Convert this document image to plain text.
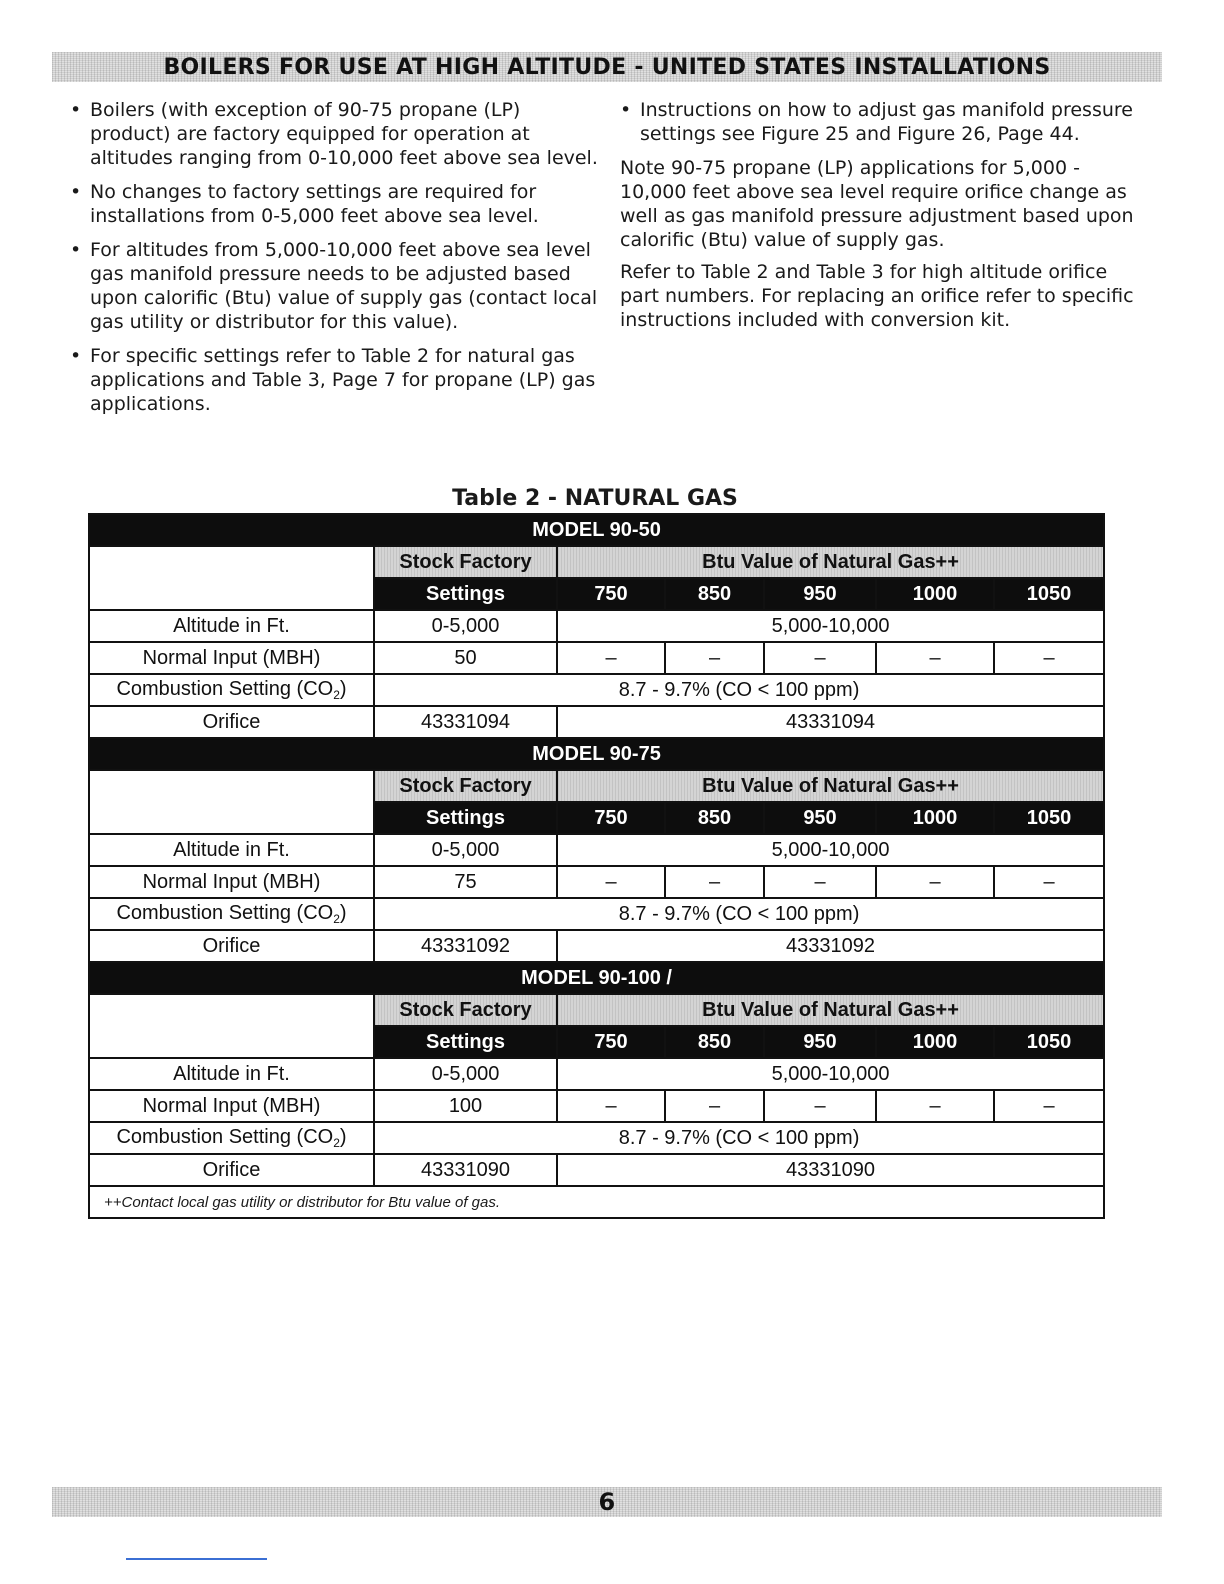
BOILERS FOR USE AT HIGH ALTITUDE - UNITED STATES INSTALLATIONS
• Boilers (with exception of 90-75 propane (LP) product) are factory equipped for operation at altitudes ranging from 0-10,000 feet above sea level.
• No changes to factory settings are required for installations from 0-5,000 feet above sea level.
• For altitudes from 5,000-10,000 feet above sea level gas manifold pressure needs to be adjusted based upon calorific (Btu) value of supply gas (contact local gas utility or distributor for this value).
• For specific settings refer to Table 2 for natural gas applications and Table 3, Page 7 for propane (LP) gas applications.
• Instructions on how to adjust gas manifold pressure settings see Figure 25 and Figure 26, Page 44.

Note 90-75 propane (LP) applications for 5,000 - 10,000 feet above sea level require orifice change as well as gas manifold pressure adjustment based upon calorific (Btu) value of supply gas.

Refer to Table 2 and Table 3 for high altitude orifice part numbers. For replacing an orifice refer to specific instructions included with conversion kit.

Table 2 - NATURAL GAS
MODEL 90-50						
	Stock Factory	Btu Value of Natural Gas++				
	Settings	750	850	950	1000	1050
Altitude in Ft.	0-5,000	5,000-10,000				
Normal Input (MBH)	50	–	–	–	–	–
Combustion Setting $(CO_2)$	8.7 - 9.7% (CO < 100 ppm)					
Orifice	43331094	43331094				
MODEL 90-75						
	Stock Factory	Btu Value of Natural Gas++				
	Settings	750	850	950	1000	1050
Altitude in Ft.	0-5,000	5,000-10,000				
Normal Input (MBH)	75	–	–	–	–	–
Combustion Setting $(CO_2)$	8.7 - 9.7% (CO < 100 ppm)					
Orifice	43331092	43331092				
MODEL 90-100 /						
	Stock Factory	Btu Value of Natural Gas++				
	Settings	750	850	950	1000	1050
Altitude in Ft.	0-5,000	5,000-10,000				
Normal Input (MBH)	100	–	–	–	–	–
Combustion Setting $(CO_2)$	8.7 - 9.7% (CO < 100 ppm)					
Orifice	43331090	43331090				
++Contact local gas utility or distributor for Btu value of gas.						
6
